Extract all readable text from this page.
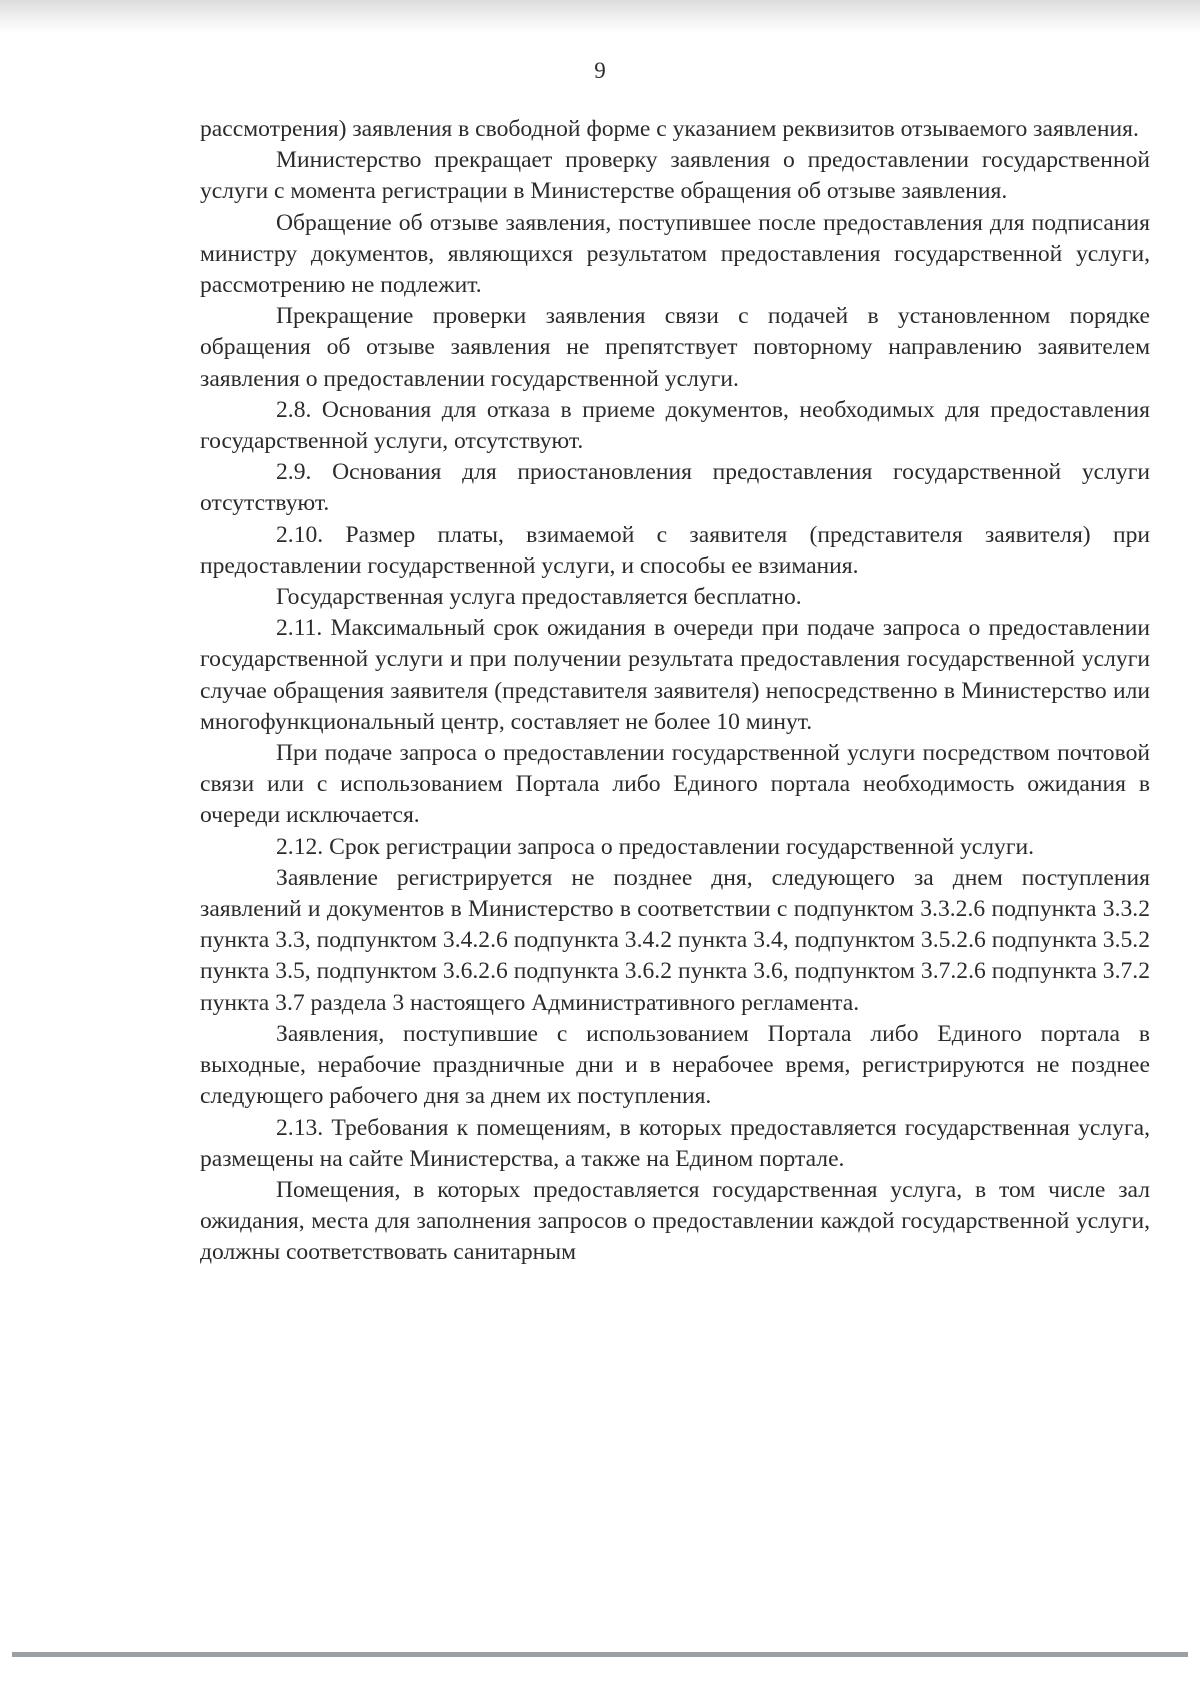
9

рассмотрения) заявления в свободной форме с указанием реквизитов отзываемого заявления.

Министерство прекращает проверку заявления о предоставлении государственной услуги с момента регистрации в Министерстве обращения об отзыве заявления.

Обращение об отзыве заявления, поступившее после предоставления для подписания министру документов, являющихся результатом предоставления государственной услуги, рассмотрению не подлежит.

Прекращение проверки заявления связи с подачей в установленном порядке обращения об отзыве заявления не препятствует повторному направлению заявителем заявления о предоставлении государственной услуги.

2.8. Основания для отказа в приеме документов, необходимых для предоставления государственной услуги, отсутствуют.

2.9. Основания для приостановления предоставления государственной услуги отсутствуют.

2.10. Размер платы, взимаемой с заявителя (представителя заявителя) при предоставлении государственной услуги, и способы ее взимания.

Государственная услуга предоставляется бесплатно.

2.11. Максимальный срок ожидания в очереди при подаче запроса о предоставлении государственной услуги и при получении результата предоставления государственной услуги случае обращения заявителя (представителя заявителя) непосредственно в Министерство или многофункциональный центр, составляет не более 10 минут.

При подаче запроса о предоставлении государственной услуги посредством почтовой связи или с использованием Портала либо Единого портала необходимость ожидания в очереди исключается.

2.12. Срок регистрации запроса о предоставлении государственной услуги.

Заявление регистрируется не позднее дня, следующего за днем поступления заявлений и документов в Министерство в соответствии с подпунктом 3.3.2.6 подпункта 3.3.2 пункта 3.3, подпунктом 3.4.2.6 подпункта 3.4.2 пункта 3.4, подпунктом 3.5.2.6 подпункта 3.5.2 пункта 3.5, подпунктом 3.6.2.6 подпункта 3.6.2 пункта 3.6, подпунктом 3.7.2.6 подпункта 3.7.2 пункта 3.7 раздела 3 настоящего Административного регламента.

Заявления, поступившие с использованием Портала либо Единого портала в выходные, нерабочие праздничные дни и в нерабочее время, регистрируются не позднее следующего рабочего дня за днем их поступления.

2.13. Требования к помещениям, в которых предоставляется государственная услуга, размещены на сайте Министерства, а также на Едином портале.

Помещения, в которых предоставляется государственная услуга, в том числе зал ожидания, места для заполнения запросов о предоставлении каждой государственной услуги, должны соответствовать санитарным
